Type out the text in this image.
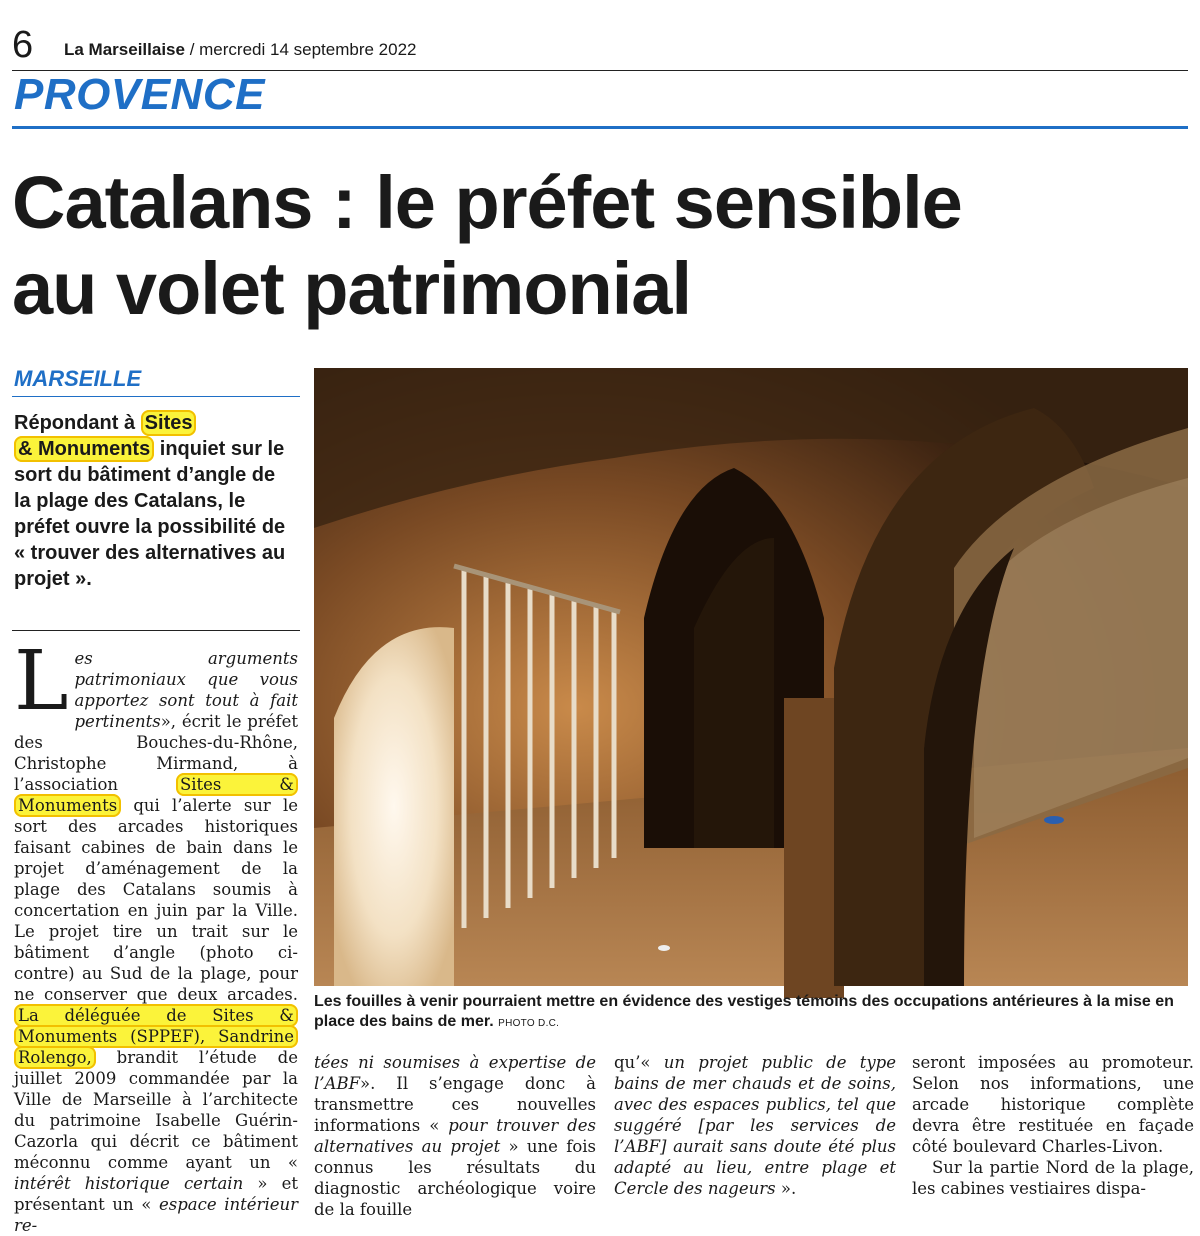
6 La Marseillaise / mercredi 14 septembre 2022
PROVENCE
Catalans : le préfet sensible
au volet patrimonial
MARSEILLE

Répondant à Sites
& Monuments inquiet sur le sort du bâtiment d’angle de la plage des Catalans, le préfet ouvre la possibilité de « trouver des alternatives au projet ».

Les arguments patrimoniaux que vous apportez sont tout à fait pertinents», écrit le préfet des Bouches-du-Rhône, Christophe Mirmand, à l’association Sites & Monuments qui l’alerte sur le sort des arcades historiques faisant cabines de bain dans le projet d’aménagement de la plage des Catalans soumis à concertation en juin par la Ville. Le projet tire un trait sur le bâtiment d’angle (photo ci-contre) au Sud de la plage, pour ne conserver que deux arcades. La déléguée de Sites & Monuments (SPPEF), Sandrine Rolengo, brandit l’étude de juillet 2009 commandée par la Ville de Marseille à l’architecte du patrimoine Isabelle Guérin-Cazorla qui décrit ce bâtiment méconnu comme ayant un « intérêt historique certain » et présentant un « espace intérieur re-

Les fouilles à venir pourraient mettre en évidence des vestiges témoins des occupations antérieures à la mise en place des bains de mer. PHOTO D.C.

tées ni soumises à expertise de l’ABF». Il s’engage donc à transmettre ces nouvelles informations « pour trouver des alternatives au projet » une fois connus les résultats du diagnostic archéologique voire de la fouille
qu’« un projet public de type bains de mer chauds et de soins, avec des espaces publics, tel que suggéré [par les services de l’ABF] aurait sans doute été plus adapté au lieu, entre plage et Cercle des nageurs ».
seront imposées au promoteur. Selon nos informations, une arcade historique complète devra être restituée en façade côté boulevard Charles-Livon.
Sur la partie Nord de la plage, les cabines vestiaires dispa-
